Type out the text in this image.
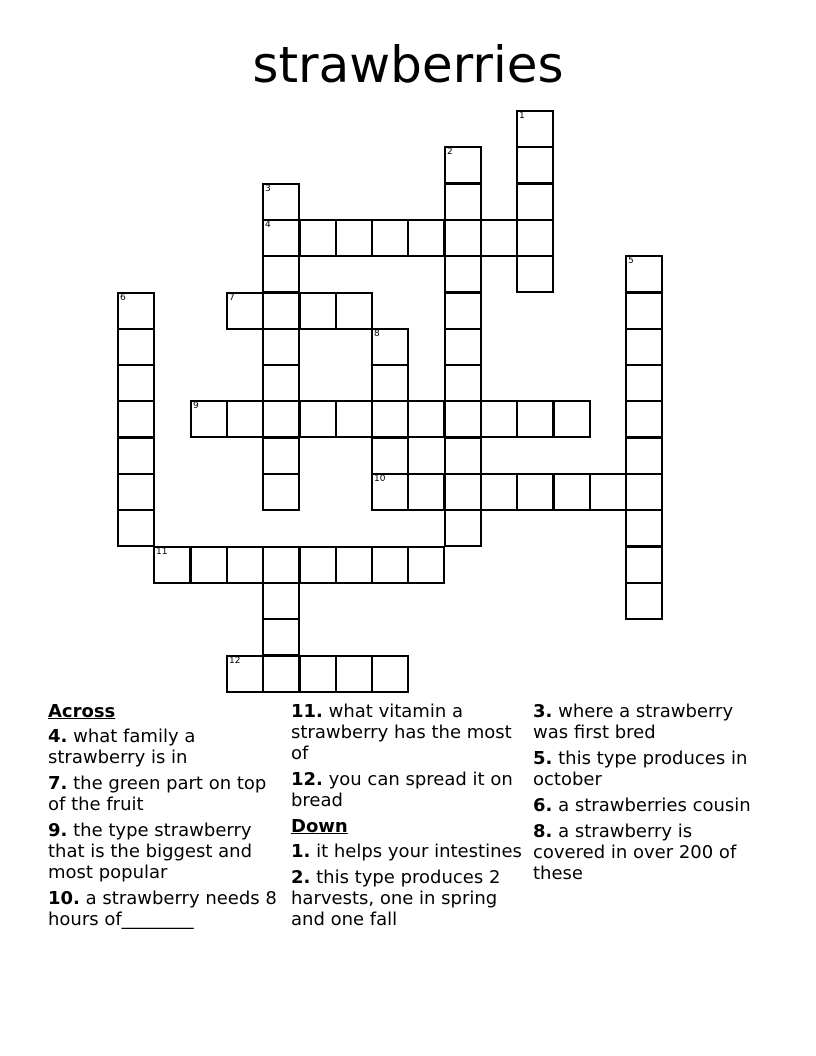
strawberries
1
2
3
4
5
6	7
8
9
10
11
12
Across
4. what family a strawberry is in
7. the green part on top of the fruit
9. the type strawberry that is the biggest and most popular
10. a strawberry needs 8 hours of________
11. what vitamin a strawberry has the most of
12. you can spread it on bread
Down
1. it helps your intestines
2. this type produces 2 harvests, one in spring and one fall
3. where a strawberry was first bred
5. this type produces in october
6. a strawberries cousin
8. a strawberry is covered in over 200 of these
